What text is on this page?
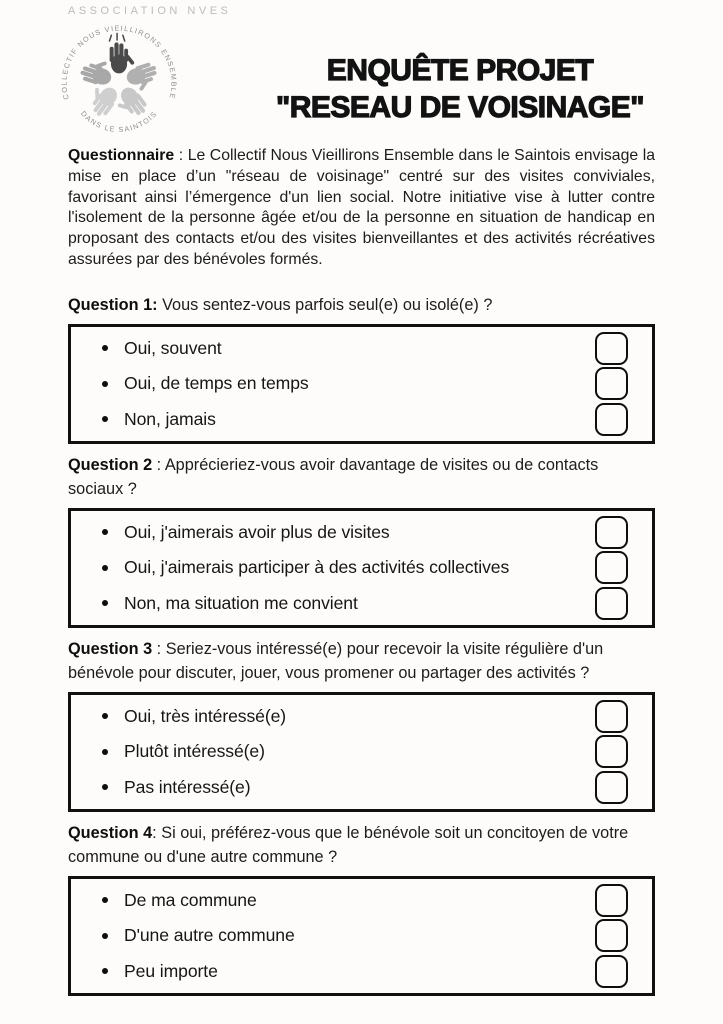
ASSOCIATION NVES
COLLECTIF NOUS VIEILLIRONS ENSEMBLE
DANS LE SAINTOIS
ENQUÊTE PROJET
"RESEAU DE VOISINAGE"

Questionnaire : Le Collectif Nous Vieillirons Ensemble dans le Saintois envisage la mise en place d’un "réseau de voisinage" centré sur des visites conviviales, favorisant ainsi l’émergence d'un lien social. Notre initiative vise à lutter contre l'isolement de la personne âgée et/ou de la personne en situation de handicap en proposant des contacts et/ou des visites bienveillantes et des activités récréatives assurées par des bénévoles formés.

Question 1: Vous sentez-vous parfois seul(e) ou isolé(e) ?

Oui, souvent
Oui, de temps en temps
Non, jamais

Question 2 : Apprécieriez-vous avoir davantage de visites ou de contacts sociaux ?

Oui, j'aimerais avoir plus de visites
Oui, j'aimerais participer à des activités collectives
Non, ma situation me convient

Question 3 : Seriez-vous intéressé(e) pour recevoir la visite régulière d'un bénévole pour discuter, jouer, vous promener ou partager des activités ?

Oui, très intéressé(e)
Plutôt intéressé(e)
Pas intéressé(e)

Question 4: Si oui, préférez-vous que le bénévole soit un concitoyen de votre commune ou d'une autre commune ?

De ma commune
D'une autre commune
Peu importe
